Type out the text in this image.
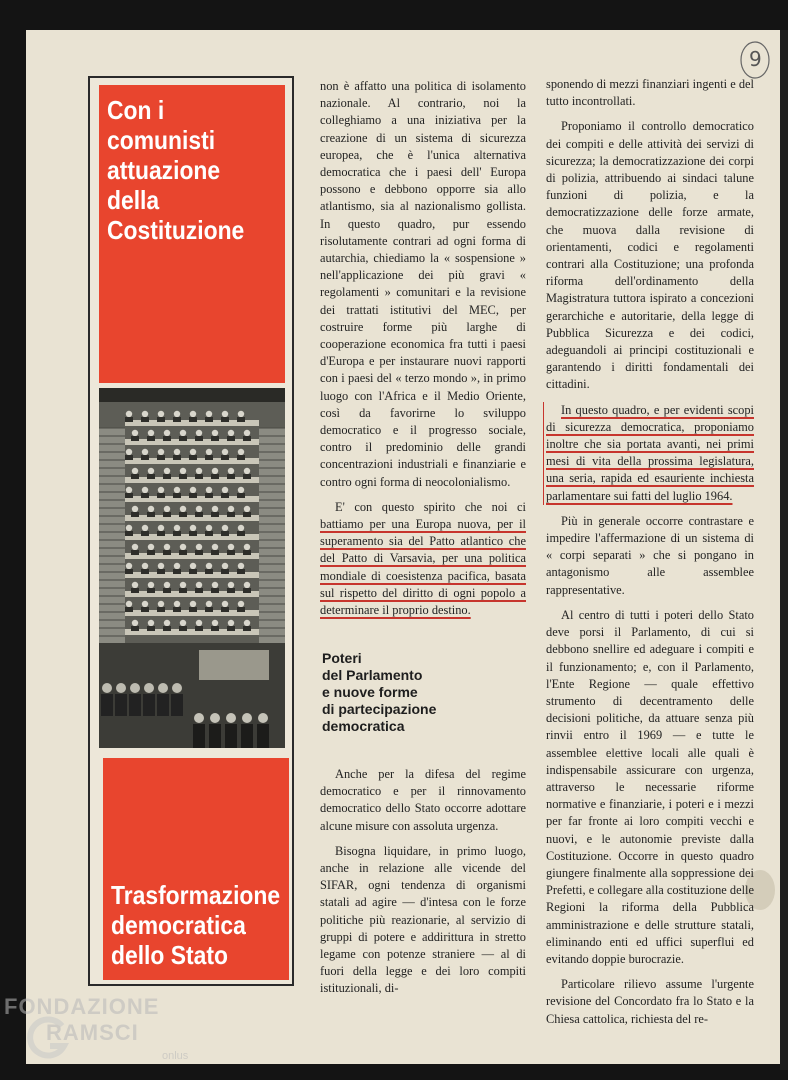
9
Con i
comunisti
attuazione
della
Costituzione
Trasformazione
democratica
dello Stato

non è affatto una politica di isolamento nazionale. Al contrario, noi la colleghiamo a una iniziativa per la creazione di un sistema di sicurezza europea, che è l'unica alternativa democratica che i paesi dell' Europa possono e debbono opporre sia allo atlantismo, sia al nazionalismo gollista. In questo quadro, pur essendo risolutamente contrari ad ogni forma di autarchia, chiediamo la « sospensione » nell'applicazione dei più gravi « regolamenti » comunitari e la revisione dei trattati istitutivi del MEC, per costruire forme più larghe di cooperazione economica fra tutti i paesi d'Europa e per instaurare nuovi rapporti con i paesi del « terzo mondo », in primo luogo con l'Africa e il Medio Oriente, così da favorirne lo sviluppo democratico e il progresso sociale, contro il predominio delle grandi concentrazioni industriali e finanziarie e contro ogni forma di neocolonialismo.

E' con questo spirito che noi ci battiamo per una Europa nuova, per il superamento sia del Patto atlantico che del Patto di Varsavia, per una politica mondiale di coesistenza pacifica, basata sul rispetto del diritto di ogni popolo a determinare il proprio destino.

Poteri
del Parlamento
e nuove forme
di partecipazione
democratica

Anche per la difesa del regime democratico e per il rinnovamento democratico dello Stato occorre adottare alcune misure con assoluta urgenza.

Bisogna liquidare, in primo luogo, anche in relazione alle vicende del SIFAR, ogni tendenza di organismi statali ad agire — d'intesa con le forze politiche più reazionarie, al servizio di gruppi di potere e addirittura in stretto legame con potenze straniere — al di fuori della legge e dei loro compiti istituzionali, di-

sponendo di mezzi finanziari ingenti e del tutto incontrollati.

Proponiamo il controllo democratico dei compiti e delle attività dei servizi di sicurezza; la democratizzazione dei corpi di polizia, attribuendo ai sindaci talune funzioni di polizia, e la democratizzazione delle forze armate, che muova dalla revisione di orientamenti, codici e regolamenti contrari alla Costituzione; una profonda riforma dell'ordinamento della Magistratura tuttora ispirato a concezioni gerarchiche e autoritarie, della legge di Pubblica Sicurezza e dei codici, adeguandoli ai principi costituzionali e garantendo i diritti fondamentali dei cittadini.

In questo quadro, e per evidenti scopi di sicurezza democratica, proponiamo inoltre che sia portata avanti, nei primi mesi di vita della prossima legislatura, una seria, rapida ed esauriente inchiesta parlamentare sui fatti del luglio 1964.

Più in generale occorre contrastare e impedire l'affermazione di un sistema di « corpi separati » che si pongano in antagonismo alle assemblee rappresentative.

Al centro di tutti i poteri dello Stato deve porsi il Parlamento, di cui si debbono snellire ed adeguare i compiti e il funzionamento; e, con il Parlamento, l'Ente Regione — quale effettivo strumento di decentramento delle decisioni politiche, da attuare senza più rinvii entro il 1969 — e tutte le assemblee elettive locali alle quali è indispensabile assicurare con urgenza, attraverso le necessarie riforme normative e finanziarie, i poteri e i mezzi per far fronte ai loro compiti vecchi e nuovi, e le autonomie previste dalla Costituzione. Occorre in questo quadro giungere finalmente alla soppressione dei Prefetti, e collegare alla costituzione delle Regioni la riforma della Pubblica amministrazione e delle strutture statali, eliminando enti ed uffici superflui ed evitando doppie burocrazie.

Particolare rilievo assume l'urgente revisione del Concordato fra lo Stato e la Chiesa cattolica, richiesta del re-

FONDAZIONE
RAMSCI
onlus
